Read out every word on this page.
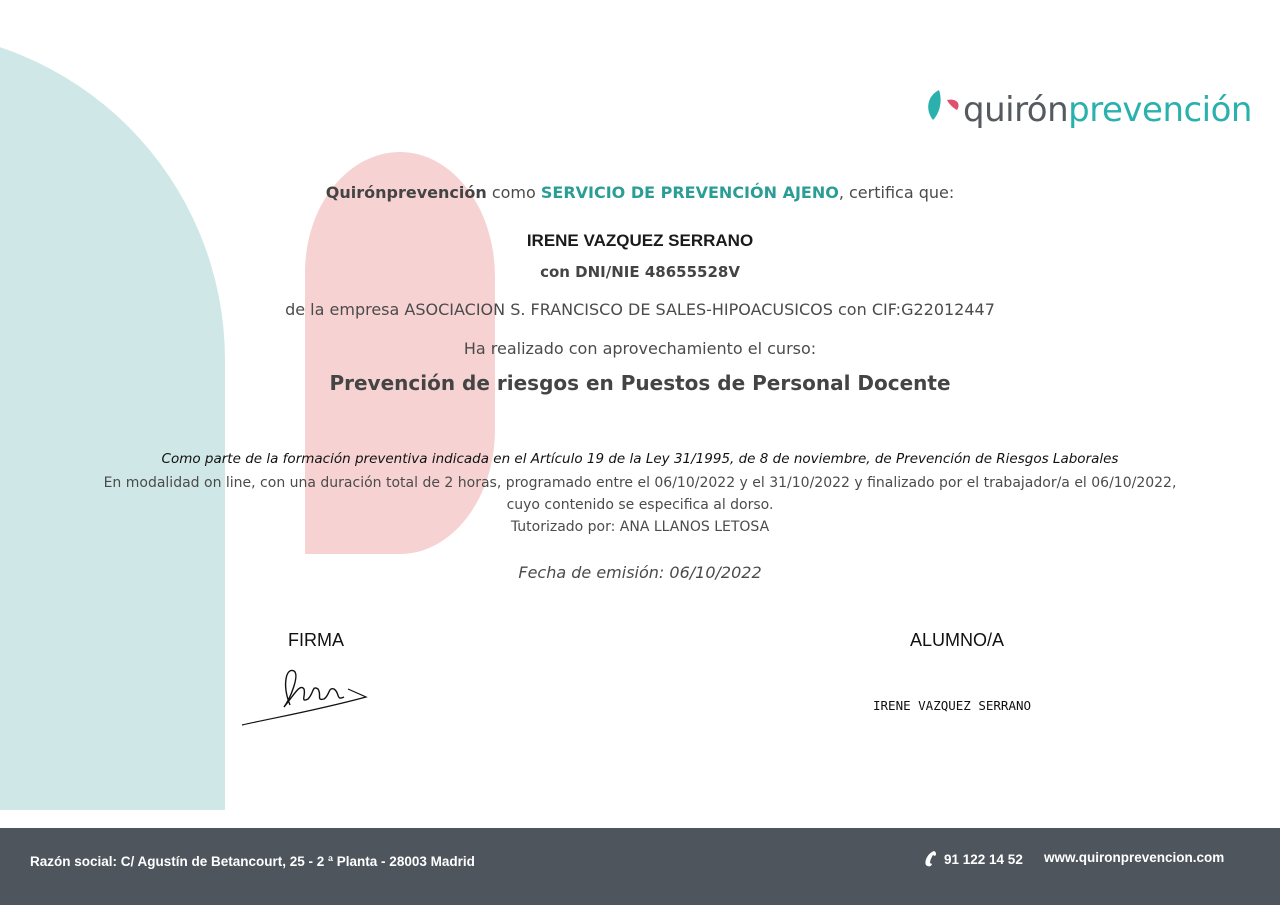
quirónprevención
Quirónprevención como SERVICIO DE PREVENCIÓN AJENO, certifica que:
IRENE VAZQUEZ SERRANO
con DNI/NIE 48655528V
de la empresa ASOCIACION S. FRANCISCO DE SALES-HIPOACUSICOS con CIF:G22012447
Ha realizado con aprovechamiento el curso:
Prevención de riesgos en Puestos de Personal Docente
Como parte de la formación preventiva indicada en el Artículo 19 de la Ley 31/1995, de 8 de noviembre, de Prevención de Riesgos Laborales
En modalidad on line, con una duración total de 2 horas, programado entre el 06/10/2022 y el 31/10/2022 y finalizado por el trabajador/a el 06/10/2022,
cuyo contenido se especifica al dorso.
Tutorizado por: ANA LLANOS LETOSA
Fecha de emisión: 06/10/2022
FIRMA	ALUMNO/A
IRENE VAZQUEZ SERRANO
Razón social: C/ Agustín de Betancourt, 25 - 2 ª Planta - 28003 Madrid	91 122 14 52 www.quironprevencion.com
